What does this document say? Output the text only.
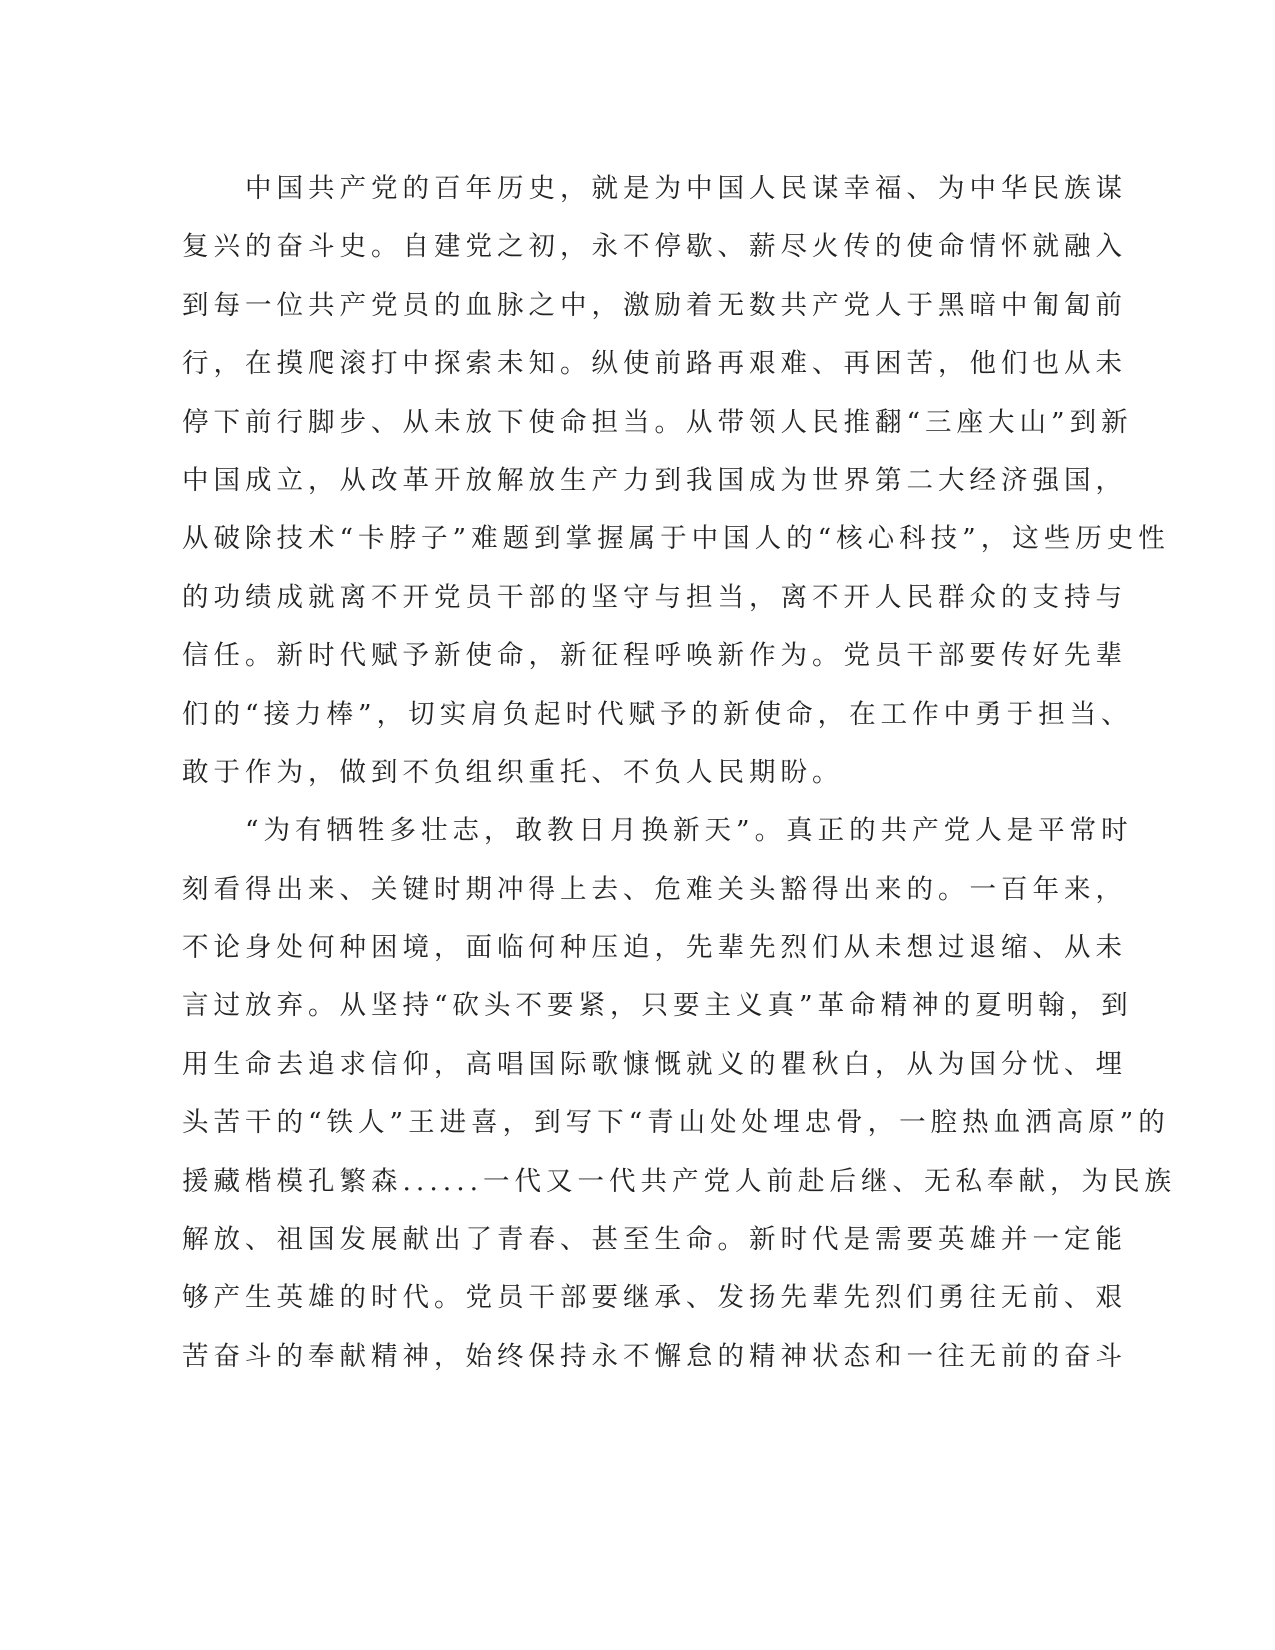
　　中国共产党的百年历史，就是为中国人民谋幸福、为中华民族谋
复兴的奋斗史。自建党之初，永不停歇、薪尽火传的使命情怀就融入
到每一位共产党员的血脉之中，激励着无数共产党人于黑暗中匍匐前
行，在摸爬滚打中探索未知。纵使前路再艰难、再困苦，他们也从未
停下前行脚步、从未放下使命担当。从带领人民推翻“三座大山”到新
中国成立，从改革开放解放生产力到我国成为世界第二大经济强国，
从破除技术“卡脖子”难题到掌握属于中国人的“核心科技”，这些历史性
的功绩成就离不开党员干部的坚守与担当，离不开人民群众的支持与
信任。新时代赋予新使命，新征程呼唤新作为。党员干部要传好先辈
们的“接力棒”，切实肩负起时代赋予的新使命，在工作中勇于担当、
敢于作为，做到不负组织重托、不负人民期盼。
　　“为有牺牲多壮志，敢教日月换新天”。真正的共产党人是平常时
刻看得出来、关键时期冲得上去、危难关头豁得出来的。一百年来，
不论身处何种困境，面临何种压迫，先辈先烈们从未想过退缩、从未
言过放弃。从坚持“砍头不要紧，只要主义真”革命精神的夏明翰，到
用生命去追求信仰，高唱国际歌慷慨就义的瞿秋白，从为国分忧、埋
头苦干的“铁人”王进喜，到写下“青山处处埋忠骨，一腔热血洒高原”的
援藏楷模孔繁森......一代又一代共产党人前赴后继、无私奉献，为民族
解放、祖国发展献出了青春、甚至生命。新时代是需要英雄并一定能
够产生英雄的时代。党员干部要继承、发扬先辈先烈们勇往无前、艰
苦奋斗的奉献精神，始终保持永不懈怠的精神状态和一往无前的奋斗
